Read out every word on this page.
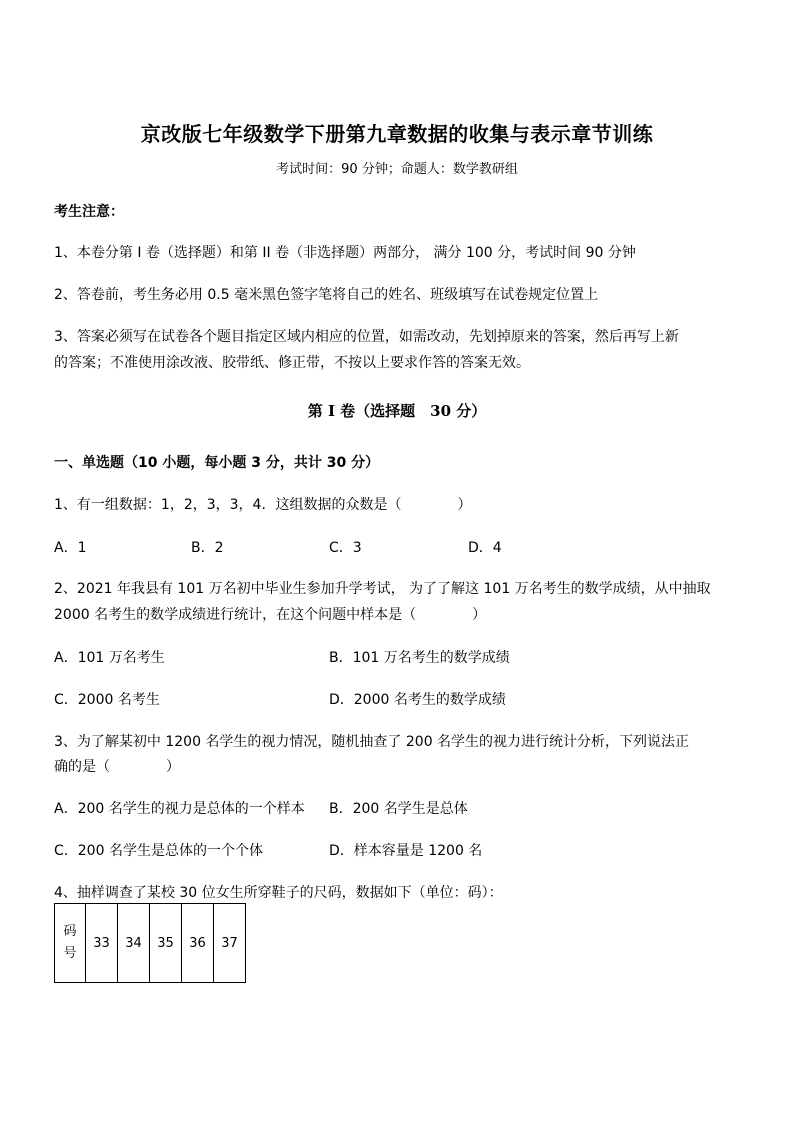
京改版七年级数学下册第九章数据的收集与表示章节训练
考试时间：90 分钟；命题人：数学教研组
考生注意：
1、本卷分第 I 卷（选择题）和第 II 卷（非选择题）两部分， 满分 100 分，考试时间 90 分钟
2、答卷前，考生务必用 0.5 毫米黑色签字笔将自己的姓名、班级填写在试卷规定位置上
3、答案必须写在试卷各个题目指定区域内相应的位置，如需改动，先划掉原来的答案，然后再写上新
的答案；不准使用涂改液、胶带纸、修正带，不按以上要求作答的答案无效。
第 I 卷（选择题　30 分）
一、单选题（10 小题，每小题 3 分，共计 30 分）
1、有一组数据：1，2，3，3，4．这组数据的众数是（　　　　）
A．1	B．2	C．3	D．4
2、2021 年我县有 101 万名初中毕业生参加升学考试， 为了了解这 101 万名考生的数学成绩，从中抽取
2000 名考生的数学成绩进行统计，在这个问题中样本是（　　　　）
A．101 万名考生	B．101 万名考生的数学成绩
C．2000 名考生	D．2000 名考生的数学成绩
3、为了解某初中 1200 名学生的视力情况，随机抽查了 200 名学生的视力进行统计分析，下列说法正
确的是（　　　　）
A．200 名学生的视力是总体的一个样本 B．200 名学生是总体
C．200 名学生是总体的一个个体	D．样本容量是 1200 名
4、抽样调查了某校 30 位女生所穿鞋子的尺码，数据如下（单位：码）：
码
号	33	34	35	36	37
